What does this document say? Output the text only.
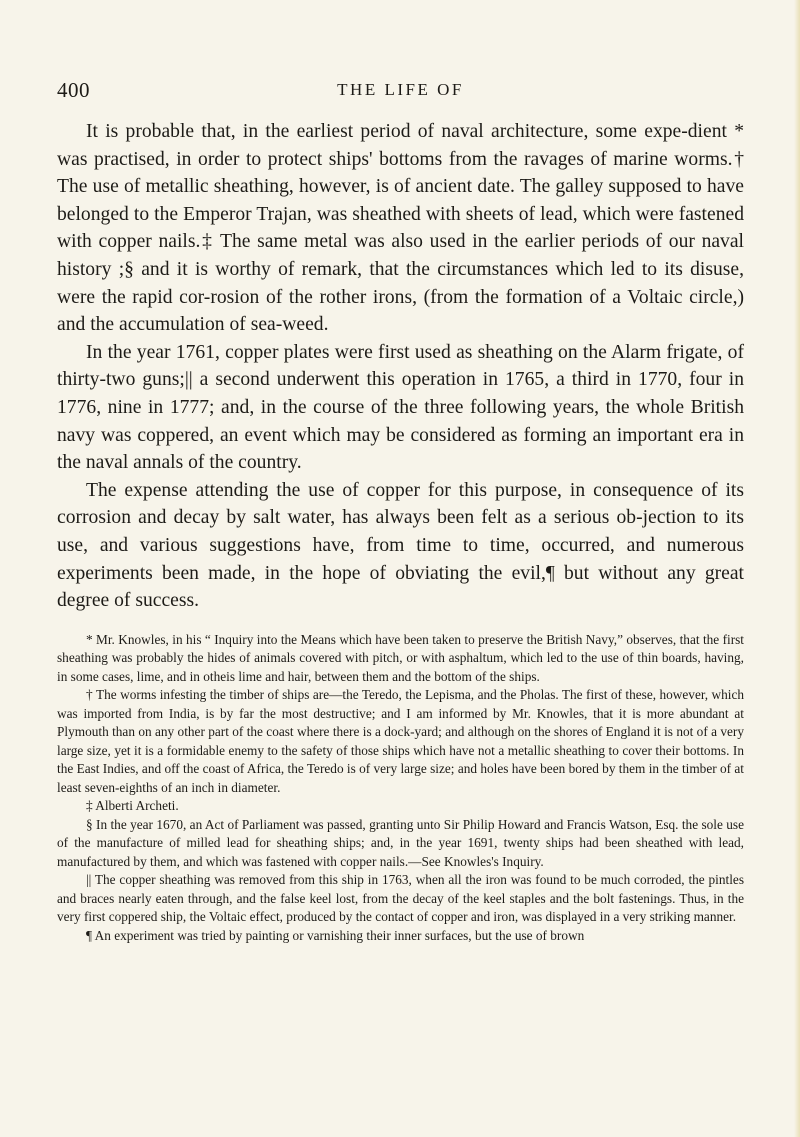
400	THE LIFE OF

It is probable that, in the earliest period of naval architecture, some expe-dient * was practised, in order to protect ships' bottoms from the ravages of marine worms.† The use of metallic sheathing, however, is of ancient date. The galley supposed to have belonged to the Emperor Trajan, was sheathed with sheets of lead, which were fastened with copper nails.‡ The same metal was also used in the earlier periods of our naval history ;§ and it is worthy of remark, that the circumstances which led to its disuse, were the rapid cor-rosion of the rother irons, (from the formation of a Voltaic circle,) and the accumulation of sea-weed.

In the year 1761, copper plates were first used as sheathing on the Alarm frigate, of thirty-two guns;|| a second underwent this operation in 1765, a third in 1770, four in 1776, nine in 1777; and, in the course of the three following years, the whole British navy was coppered, an event which may be considered as forming an important era in the naval annals of the country.

The expense attending the use of copper for this purpose, in consequence of its corrosion and decay by salt water, has always been felt as a serious ob-jection to its use, and various suggestions have, from time to time, occurred, and numerous experiments been made, in the hope of obviating the evil,¶ but without any great degree of success.

* Mr. Knowles, in his “ Inquiry into the Means which have been taken to preserve the British Navy,” observes, that the first sheathing was probably the hides of animals covered with pitch, or with asphaltum, which led to the use of thin boards, having, in some cases, lime, and in otheis lime and hair, between them and the bottom of the ships.

† The worms infesting the timber of ships are—the Teredo, the Lepisma, and the Pholas. The first of these, however, which was imported from India, is by far the most destructive; and I am informed by Mr. Knowles, that it is more abundant at Plymouth than on any other part of the coast where there is a dock-yard; and although on the shores of England it is not of a very large size, yet it is a formidable enemy to the safety of those ships which have not a metallic sheathing to cover their bottoms. In the East Indies, and off the coast of Africa, the Teredo is of very large size; and holes have been bored by them in the timber of at least seven-eighths of an inch in diameter.

‡ Alberti Archeti.

§ In the year 1670, an Act of Parliament was passed, granting unto Sir Philip Howard and Francis Watson, Esq. the sole use of the manufacture of milled lead for sheathing ships; and, in the year 1691, twenty ships had been sheathed with lead, manufactured by them, and which was fastened with copper nails.—See Knowles's Inquiry.

|| The copper sheathing was removed from this ship in 1763, when all the iron was found to be much corroded, the pintles and braces nearly eaten through, and the false keel lost, from the decay of the keel staples and the bolt fastenings. Thus, in the very first coppered ship, the Voltaic effect, produced by the contact of copper and iron, was displayed in a very striking manner.

¶ An experiment was tried by painting or varnishing their inner surfaces, but the use of brown
